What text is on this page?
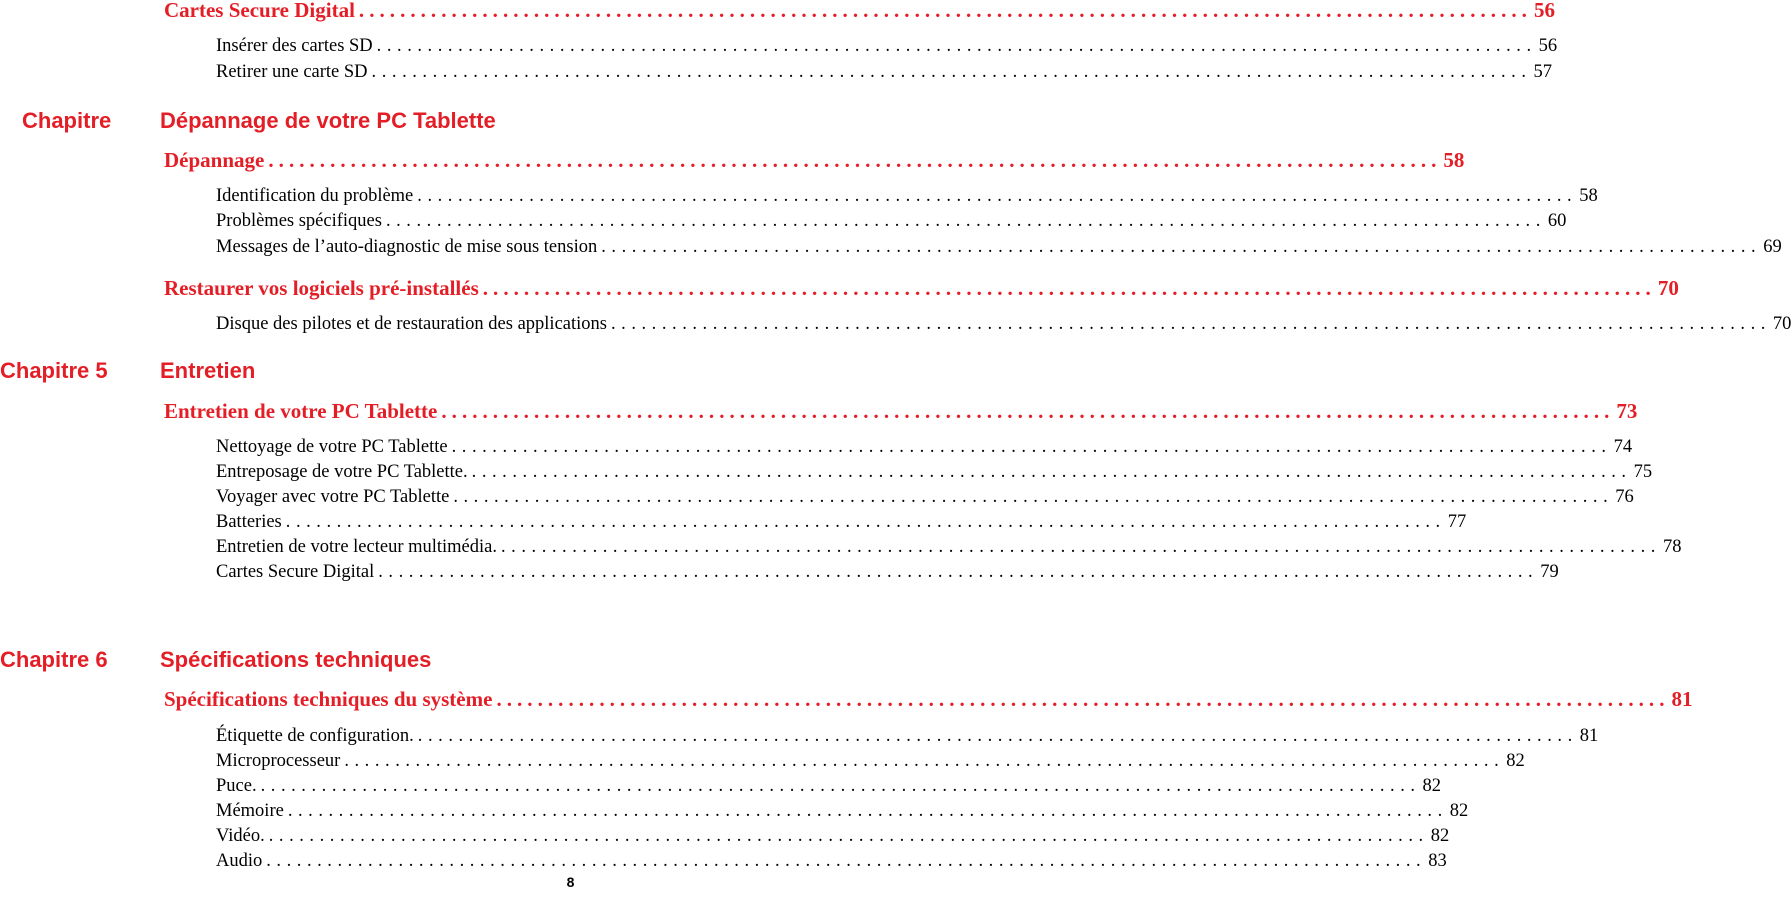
Cartes Secure Digital .................................................................................................................. 56
Insérer des cartes SD .................................................................................................................. 56
Retirer une carte SD .................................................................................................................. 57
Chapitre Dépannage de votre PC Tablette
Dépannage .................................................................................................................. 58
Identification du problème .................................................................................................................. 58
Problèmes spécifiques .................................................................................................................. 60
Messages de l’auto-diagnostic de mise sous tension .................................................................................................................. 69
Restaurer vos logiciels pré-installés .................................................................................................................. 70
Disque des pilotes et de restauration des applications .................................................................................................................. 70
Chapitre 5 Entretien
Entretien de votre PC Tablette .................................................................................................................. 73
Nettoyage de votre PC Tablette .................................................................................................................. 74
Entreposage de votre PC Tablette. .................................................................................................................. 75
Voyager avec votre PC Tablette .................................................................................................................. 76
Batteries .................................................................................................................. 77
Entretien de votre lecteur multimédia. .................................................................................................................. 78
Cartes Secure Digital .................................................................................................................. 79
Chapitre 6 Spécifications techniques
Spécifications techniques du système .................................................................................................................. 81
Étiquette de configuration. .................................................................................................................. 81
Microprocesseur .................................................................................................................. 82
Puce. .................................................................................................................. 82
Mémoire .................................................................................................................. 82
Vidéo. .................................................................................................................. 82
Audio .................................................................................................................. 83
8
